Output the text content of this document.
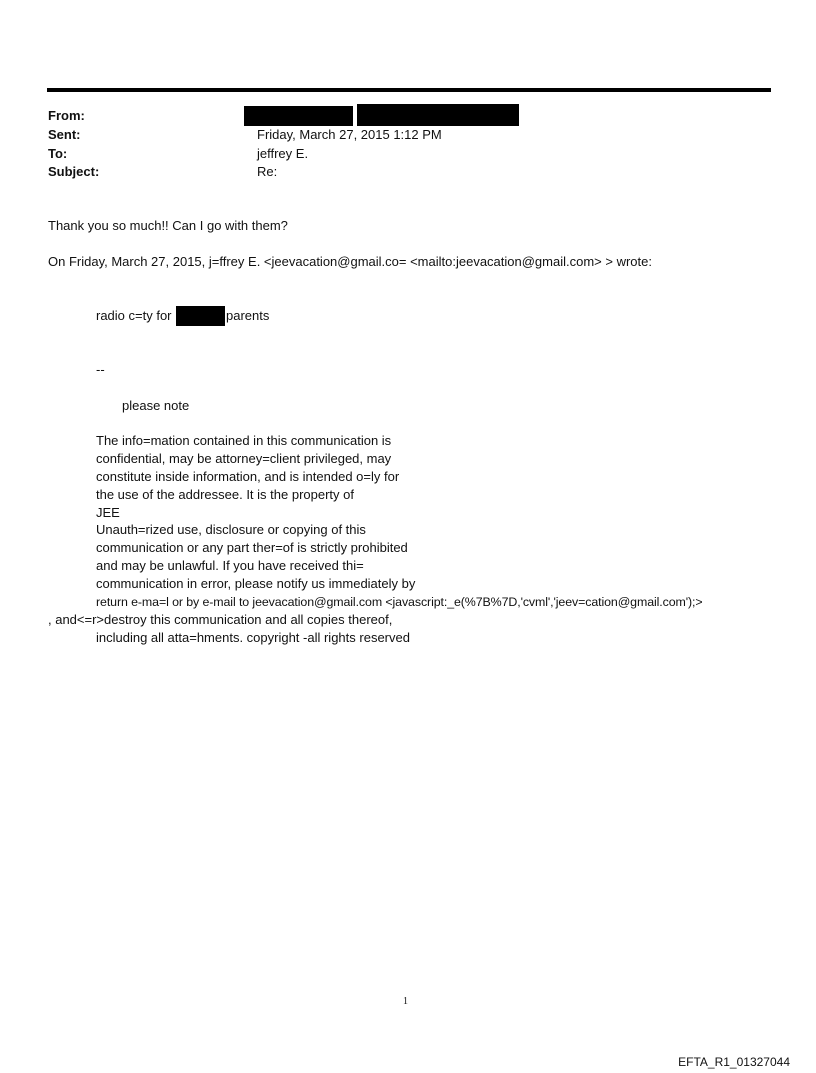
From:
Sent:	Friday, March 27, 2015 1:12 PM
To:	jeffrey E.
Subject:	Re:
Thank you so much!! Can I go with them?
On Friday, March 27, 2015, j=ffrey E. <jeevacation@gmail.co= <mailto:jeevacation@gmail.com> > wrote:
radio c=ty for	parents
--
please note
The info=mation contained in this communication is
confidential, may be attorney=client privileged, may
constitute inside information, and is intended o=ly for
the use of the addressee. It is the property of
JEE
Unauth=rized use, disclosure or copying of this
communication or any part ther=of is strictly prohibited
and may be unlawful. If you have received thi=
communication in error, please notify us immediately by
return e-ma=l or by e-mail to jeevacation@gmail.com <javascript:_e(%7B%7D,'cvml','jeev=cation@gmail.com');>
, and<=r>destroy this communication and all copies thereof,
including all atta=hments. copyright -all rights reserved
1
EFTA_R1_01327044
